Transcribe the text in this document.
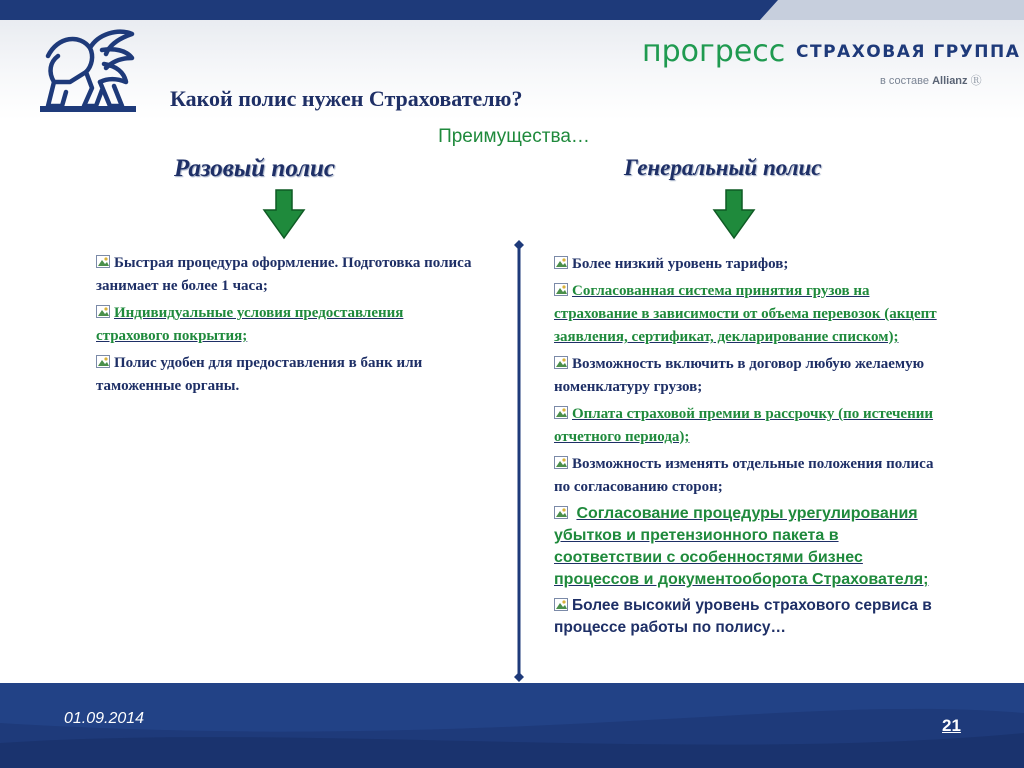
прогресс СТРАХОВАЯ ГРУППА
в составе Allianz Ⓡ
Какой полис нужен Страхователю?
Преимущества…
Разовый полис	Генеральный полис
Быстрая процедура оформление. Подготовка полиса занимает не более 1 часа;
Индивидуальные условия предоставления страхового покрытия;
Полис удобен для предоставления в банк или таможенные органы.
Более низкий уровень тарифов;
Согласованная система принятия грузов на страхование в зависимости от объема перевозок (акцепт заявления, сертификат, декларирование списком);
Возможность включить в договор любую желаемую номенклатуру грузов;
Оплата страховой премии в рассрочку (по истечении отчетного периода);
Возможность изменять отдельные положения полиса по согласованию сторон;
Согласование процедуры урегулирования убытков и претензионного пакета в соответствии с особенностями бизнес процессов и документооборота Страхователя;
Более высокий уровень страхового сервиса в процессе работы по полису…
01.09.2014	21
